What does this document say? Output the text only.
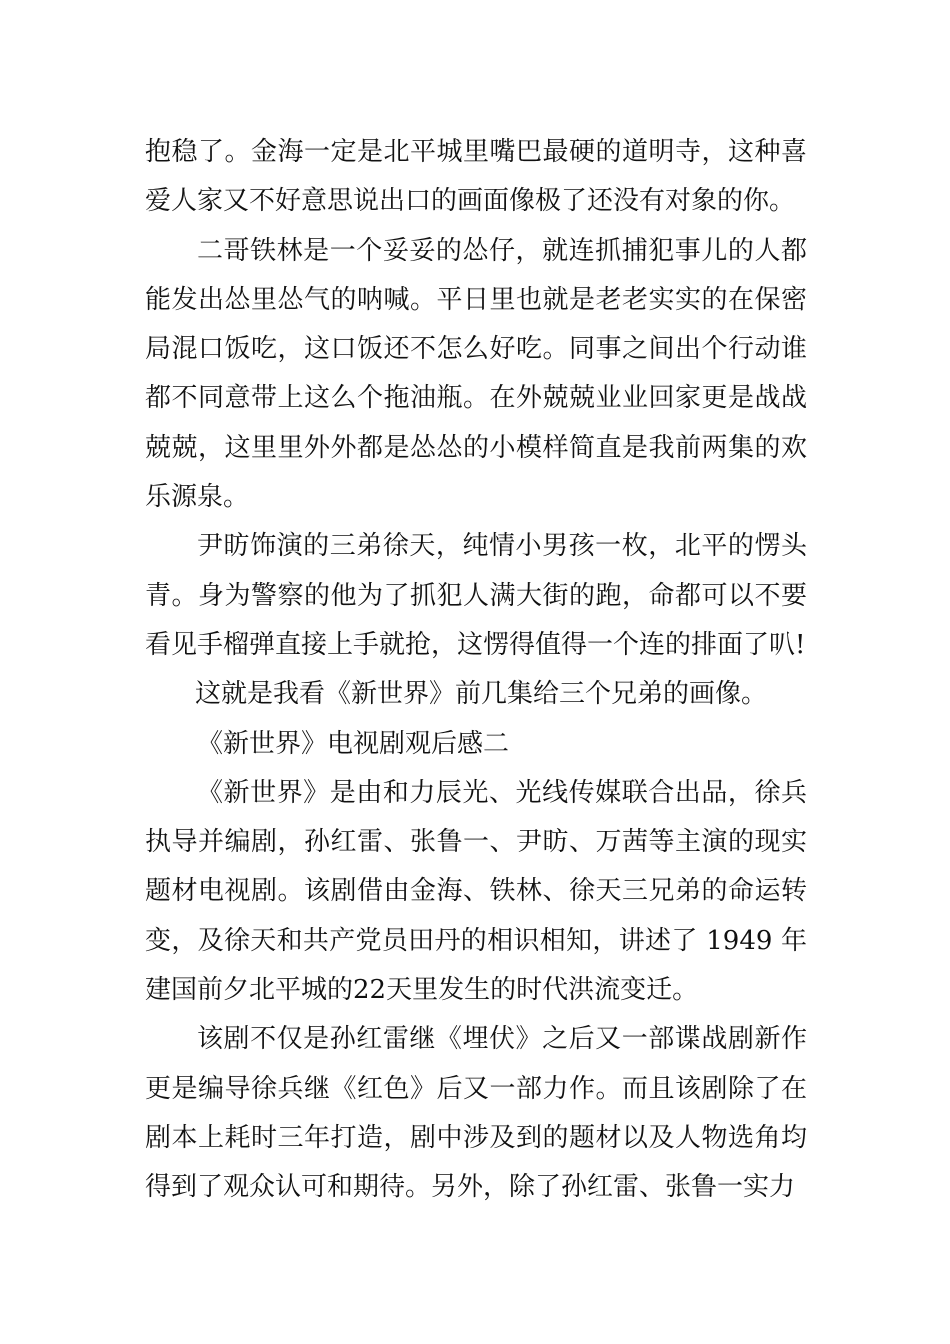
抱稳了。金海一定是北平城里嘴巴最硬的道明寺，这种喜爱人家又不好意思说出口的画面像极了还没有对象的你。

二哥铁林是一个妥妥的怂仔，就连抓捕犯事儿的人都能发出怂里怂气的呐喊。平日里也就是老老实实的在保密局混口饭吃，这口饭还不怎么好吃。同事之间出个行动谁都不同意带上这么个拖油瓶。在外兢兢业业回家更是战战兢兢，这里里外外都是怂怂的小模样简直是我前两集的欢乐源泉。

尹昉饰演的三弟徐天，纯情小男孩一枚，北平的愣头青。身为警察的他为了抓犯人满大街的跑，命都可以不要看见手榴弹直接上手就抢，这愣得值得一个连的排面了叭!

这就是我看《新世界》前几集给三个兄弟的画像。

《新世界》电视剧观后感二

《新世界》是由和力辰光、光线传媒联合出品，徐兵执导并编剧，孙红雷、张鲁一、尹昉、万茜等主演的现实题材电视剧。该剧借由金海、铁林、徐天三兄弟的命运转变，及徐天和共产党员田丹的相识相知，讲述了 1949 年建国前夕北平城的22天里发生的时代洪流变迁。

该剧不仅是孙红雷继《埋伏》之后又一部谍战剧新作更是编导徐兵继《红色》后又一部力作。而且该剧除了在剧本上耗时三年打造，剧中涉及到的题材以及人物选角均得到了观众认可和期待。另外，除了孙红雷、张鲁一实力
